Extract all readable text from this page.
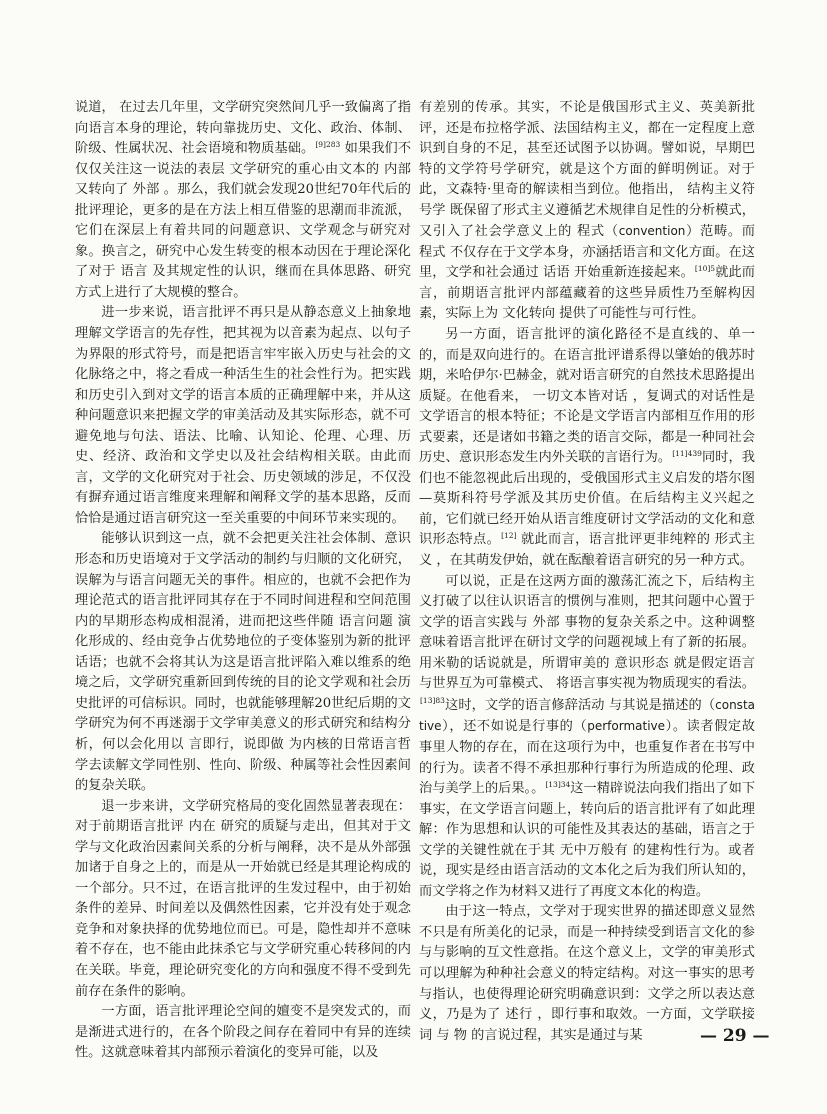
说道， 在过去几年里，文学研究突然间几乎一致偏离了指向语言本身的理论，转向靠拢历史、文化、政治、体制、阶级、性属状况、社会语境和物质基础。$^{[9]283}$ 如果我们不仅仅关注这一说法的表层 文学研究的重心由文本的 内部 又转向了 外部 。那么，我们就会发现20世纪70年代后的批评理论，更多的是在方法上相互借鉴的思潮而非流派，它们在深层上有着共同的问题意识、文学观念与研究对象。换言之，研究中心发生转变的根本动因在于理论深化了对于 语言 及其规定性的认识，继而在具体思路、研究方式上进行了大规模的整合。

进一步来说，语言批评不再只是从静态意义上抽象地理解文学语言的先存性，把其视为以音素为起点、以句子为界限的形式符号，而是把语言牢牢嵌入历史与社会的文化脉络之中，将之看成一种活生生的社会性行为。把实践和历史引入到对文学的语言本质的正确理解中来，并从这种问题意识来把握文学的审美活动及其实际形态，就不可避免地与句法、语法、比喻、认知论、伦理、心理、历史、经济、政治和文学史以及社会结构相关联。由此而言，文学的文化研究对于社会、历史领域的涉足，不仅没有摒弃通过语言维度来理解和阐释文学的基本思路，反而恰恰是通过语言研究这一至关重要的中间环节来实现的。

能够认识到这一点，就不会把更关注社会体制、意识形态和历史语境对于文学活动的制约与归顺的文化研究，误解为与语言问题无关的事件。相应的，也就不会把作为理论范式的语言批评同其存在于不同时间进程和空间范围内的早期形态构成相混淆，进而把这些伴随 语言问题 演化形成的、经由竞争占优势地位的子变体鉴别为新的批评话语；也就不会将其认为这是语言批评陷入难以维系的绝境之后，文学研究重新回到传统的目的论文学观和社会历史批评的可信标识。同时，也就能够理解20世纪后期的文学研究为何不再迷溺于文学审美意义的形式研究和结构分析，何以会化用以 言即行，说即做 为内核的日常语言哲学去读解文学同性别、性向、阶级、种属等社会性因素间的复杂关联。

退一步来讲，文学研究格局的变化固然显著表现在：对于前期语言批评 内在 研究的质疑与走出，但其对于文学与文化政治因素间关系的分析与阐释，决不是从外部强加诸于自身之上的，而是从一开始就已经是其理论构成的一个部分。只不过，在语言批评的生发过程中，由于初始条件的差异、时间差以及偶然性因素，它并没有处于观念竞争和对象抉择的优势地位而已。可是，隐性却并不意味着不存在，也不能由此抹杀它与文学研究重心转移间的内在关联。毕竟，理论研究变化的方向和强度不得不受到先前存在条件的影响。

一方面，语言批评理论空间的嬗变不是突发式的，而是渐进式进行的，在各个阶段之间存在着同中有异的连续性。这就意味着其内部预示着演化的变异可能，以及

有差别的传承。其实，不论是俄国形式主义、英美新批评，还是布拉格学派、法国结构主义，都在一定程度上意识到自身的不足，甚至还试图予以协调。譬如说，早期巴特的文学符号学研究，就是这个方面的鲜明例证。对于此，文森特·里奇的解读相当到位。他指出， 结构主义符号学 既保留了形式主义遵循艺术规律自足性的分析模式，又引入了社会学意义上的 程式（convention）范畴。而 程式 不仅存在于文学本身，亦涵括语言和文化方面。在这里，文学和社会通过 话语 开始重新连接起来。$^{[10]5}$就此而言，前期语言批评内部蕴藏着的这些异质性乃至解构因素，实际上为 文化转向 提供了可能性与可行性。

另一方面，语言批评的演化路径不是直线的、单一的，而是双向进行的。在语言批评谱系得以肇始的俄苏时期，米哈伊尔·巴赫金，就对语言研究的自然技术思路提出质疑。在他看来， 一切文本皆对话 ，复调式的对话性是文学语言的根本特征；不论是文学语言内部相互作用的形式要素，还是诸如书籍之类的语言交际，都是一种同社会历史、意识形态发生内外关联的言语行为。$^{[11]439}$同时，我们也不能忽视此后出现的，受俄国形式主义启发的塔尔图—莫斯科符号学派及其历史价值。在后结构主义兴起之前，它们就已经开始从语言维度研讨文学活动的文化和意识形态特点。[12] 就此而言，语言批评更非纯粹的 形式主义 ，在其萌发伊始，就在酝酿着语言研究的另一种方式。

可以说，正是在这两方面的激荡汇流之下，后结构主义打破了以往认识语言的惯例与准则，把其问题中心置于文学的语言实践与 外部 事物的复杂关系之中。这种调整意味着语言批评在研讨文学的问题视域上有了新的拓展。用米勒的话说就是，所谓审美的 意识形态 就是假定语言与世界互为可靠模式、 将语言事实视为物质现实的看法。$^{[13]83}$这时，文学的语言修辞活动 与其说是描述的（constative），还不如说是行事的（performative）。读者假定故事里人物的存在，而在这项行为中，也重复作者在书写中的行为。读者不得不承担那种行事行为所造成的伦理、政治与美学上的后果。。$^{[13]34}$这一精辟说法向我们指出了如下事实，在文学语言问题上，转向后的语言批评有了如此理解：作为思想和认识的可能性及其表达的基础，语言之于文学的关键性就在于其 无中万般有 的建构性行为。或者说，现实是经由语言活动的文本化之后为我们所认知的，而文学将之作为材料又进行了再度文本化的构造。

由于这一特点，文学对于现实世界的描述即意义显然不只是有所美化的记录，而是一种持续受到语言文化的参与与影响的互文性意指。在这个意义上，文学的审美形式可以理解为种种社会意义的特定结构。对这一事实的思考与指认，也使得理论研究明确意识到：文学之所以表达意义，乃是为了 述行 ，即行事和取效。一方面，文学联接 词 与 物 的言说过程，其实是通过与某	— 29 —
